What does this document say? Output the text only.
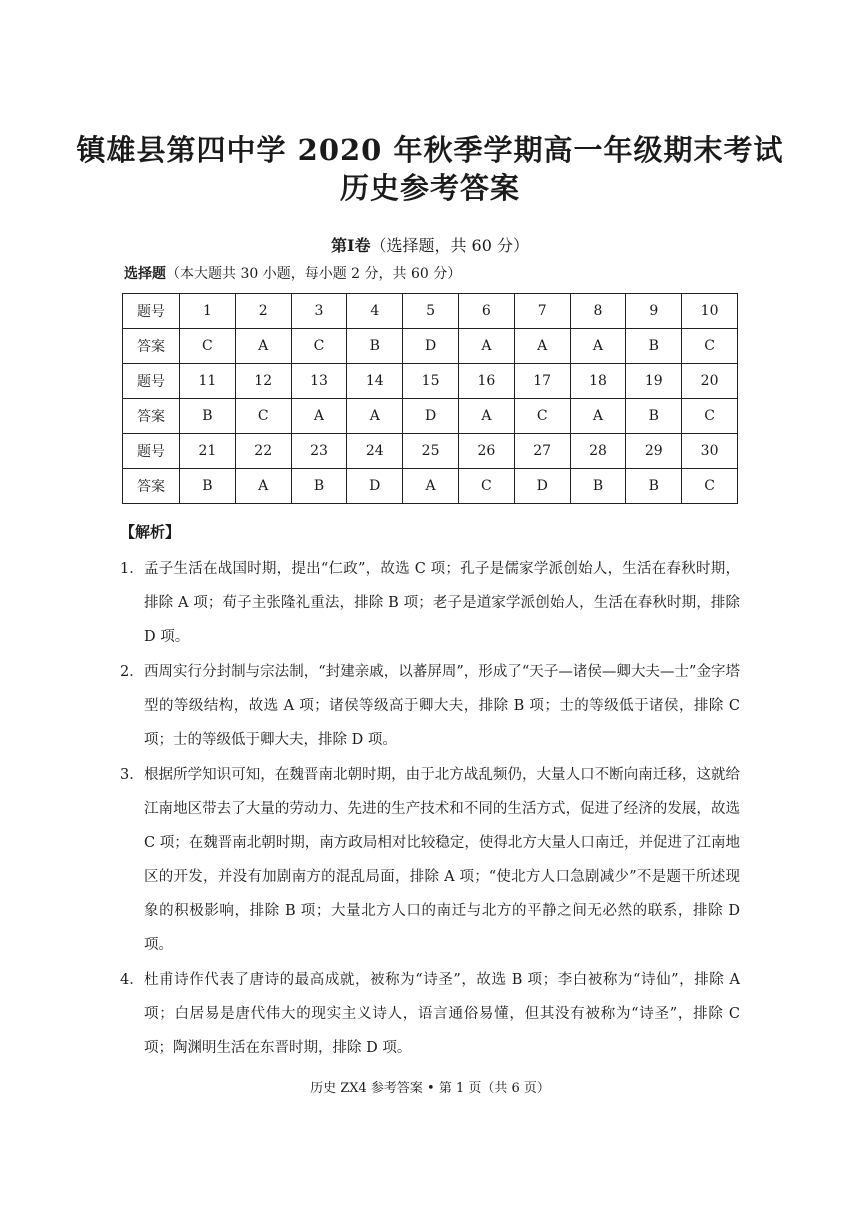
镇雄县第四中学 2020 年秋季学期高一年级期末考试
历史参考答案
第Ⅰ卷（选择题，共 60 分）
选择题（本大题共 30 小题，每小题 2 分，共 60 分）
题号	1	2	3	4	5	6	7	8	9	10
答案	C	A	C	B	D	A	A	A	B	C
题号	11	12	13	14	15	16	17	18	19	20
答案	B	C	A	A	D	A	C	A	B	C
题号	21	22	23	24	25	26	27	28	29	30
答案	B	A	B	D	A	C	D	B	B	C
【解析】
1． 孟子生活在战国时期，提出“仁政”，故选 C 项；孔子是儒家学派创始人，生活在春秋时期，排除 A 项；荀子主张隆礼重法，排除 B 项；老子是道家学派创始人，生活在春秋时期，排除 D 项。
2． 西周实行分封制与宗法制，“封建亲戚，以蕃屏周”，形成了“天子—诸侯—卿大夫—士”金字塔型的等级结构，故选 A 项；诸侯等级高于卿大夫，排除 B 项；士的等级低于诸侯，排除 C 项；士的等级低于卿大夫，排除 D 项。
3． 根据所学知识可知，在魏晋南北朝时期，由于北方战乱频仍，大量人口不断向南迁移，这就给江南地区带去了大量的劳动力、先进的生产技术和不同的生活方式，促进了经济的发展，故选 C 项；在魏晋南北朝时期，南方政局相对比较稳定，使得北方大量人口南迁，并促进了江南地区的开发，并没有加剧南方的混乱局面，排除 A 项；“使北方人口急剧减少”不是题干所述现象的积极影响，排除 B 项；大量北方人口的南迁与北方的平静之间无必然的联系，排除 D 项。
4． 杜甫诗作代表了唐诗的最高成就，被称为“诗圣”，故选 B 项；李白被称为“诗仙”，排除 A 项；白居易是唐代伟大的现实主义诗人，语言通俗易懂，但其没有被称为“诗圣”，排除 C 项；陶渊明生活在东晋时期，排除 D 项。
历史 ZX4 参考答案 • 第 1 页（共 6 页）
